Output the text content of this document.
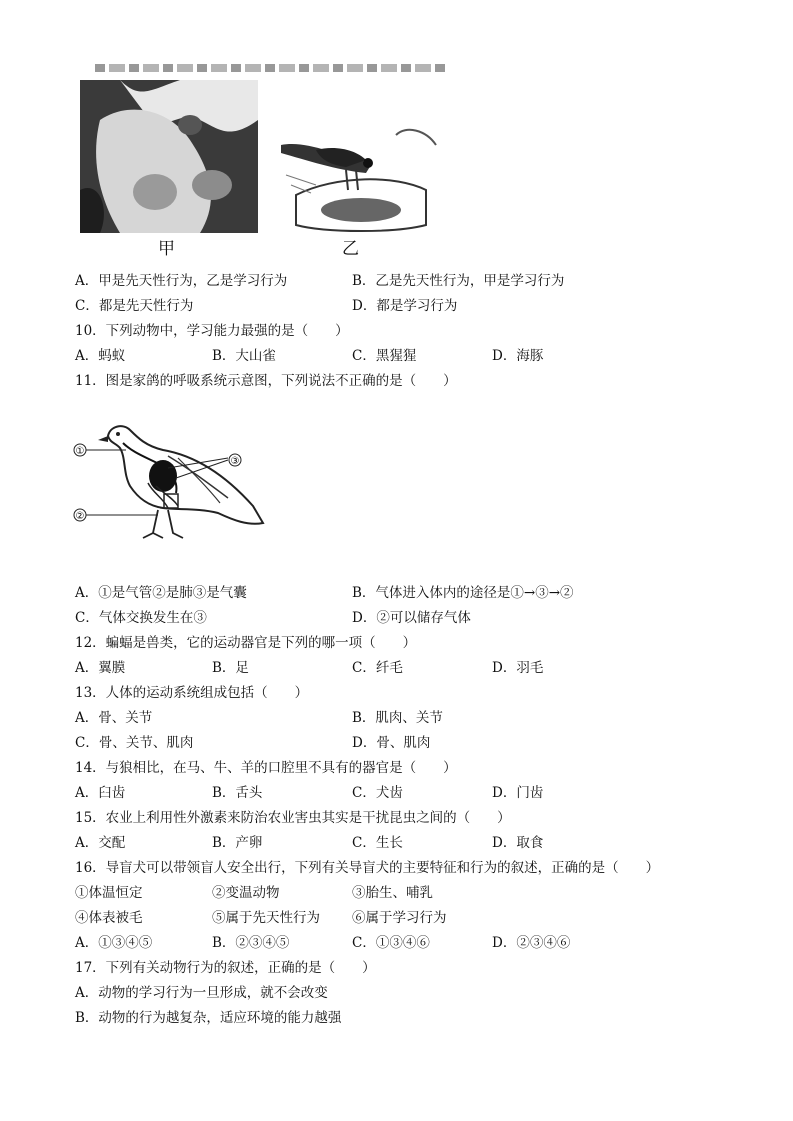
甲	乙
A．甲是先天性行为，乙是学习行为	B．乙是先天性行为，甲是学习行为
C．都是先天性行为	D．都是学习行为
10．下列动物中，学习能力最强的是（　　）
A．蚂蚁	B．大山雀	C．黑猩猩	D．海豚
11．图是家鸽的呼吸系统示意图，下列说法不正确的是（　　）
①
②
③
A．①是气管②是肺③是气囊	B．气体进入体内的途径是①→③→②
C．气体交换发生在③	D．②可以储存气体
12．蝙蝠是兽类，它的运动器官是下列的哪一项（　　）
A．翼膜	B．足	C．纤毛	D．羽毛
13．人体的运动系统组成包括（　　）
A．骨、关节	B．肌肉、关节
C．骨、关节、肌肉	D．骨、肌肉
14．与狼相比，在马、牛、羊的口腔里不具有的器官是（　　）
A．臼齿	B．舌头	C．犬齿	D．门齿
15．农业上利用性外激素来防治农业害虫其实是干扰昆虫之间的（　　）
A．交配	B．产卵	C．生长	D．取食
16．导盲犬可以带领盲人安全出行，下列有关导盲犬的主要特征和行为的叙述，正确的是（　　）
①体温恒定	②变温动物	③胎生、哺乳
④体表被毛	⑤属于先天性行为 ⑥属于学习行为
A．①③④⑤	B．②③④⑤	C．①③④⑥	D．②③④⑥
17．下列有关动物行为的叙述，正确的是（　　）
A．动物的学习行为一旦形成，就不会改变
B．动物的行为越复杂，适应环境的能力越强
